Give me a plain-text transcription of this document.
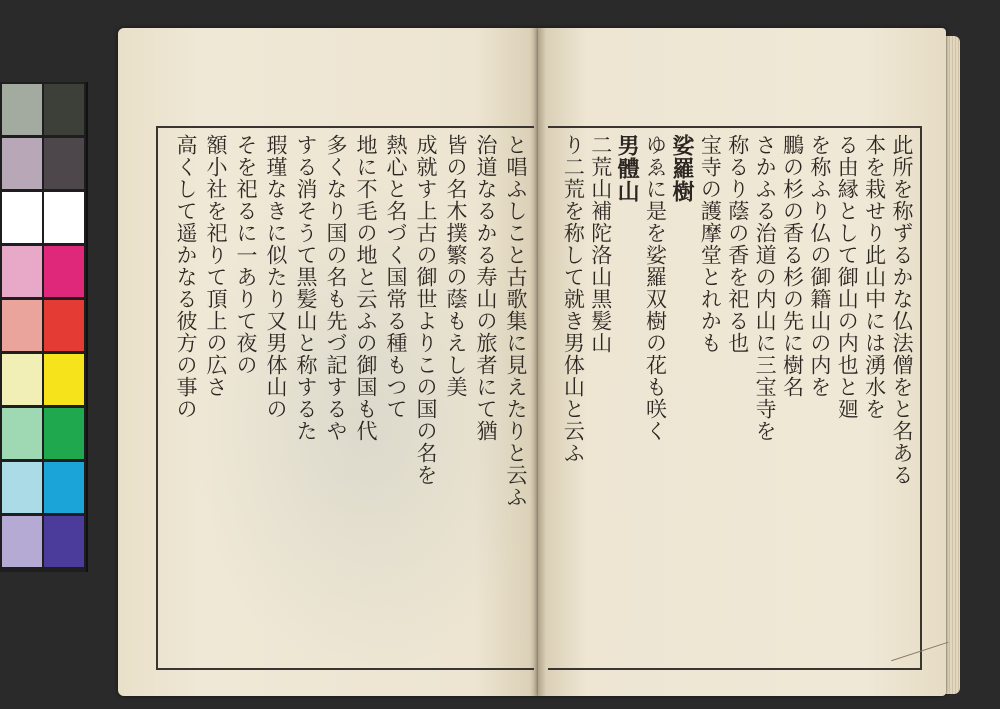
と唱ふしこと古歌集に見えたりと云ふ
治道なるかる寿山の旅者にて猶
皆の名木撲繁の蔭もえし美
成就す上古の御世よりこの国の名を
熱心と名づく国常る種もつて
地に不毛の地と云ふの御国も代
多くなり国の名も先づ記するや
する消そうて黒髪山と称するた
瑕瑾なきに似たり又男体山の
そを祀るに一ありて夜の
額小社を祀りて頂上の広さ
高くして遥かなる彼方の事の	此所を称ずるかな仏法僧をと名ある
本を栽せり此山中には湧水を
る由縁として御山の内也と廻
を称ふり仏の御籍山の内を
鵬の杉の香る杉の先に樹名
さかふる治道の内山に三宝寺を
称るり蔭の香を祀る也
宝寺の護摩堂とれかも
娑羅樹
ゆゑに是を娑羅双樹の花も咲く
男體山
二荒山補陀洛山黒髪山
り二荒を称して就き男体山と云ふ
